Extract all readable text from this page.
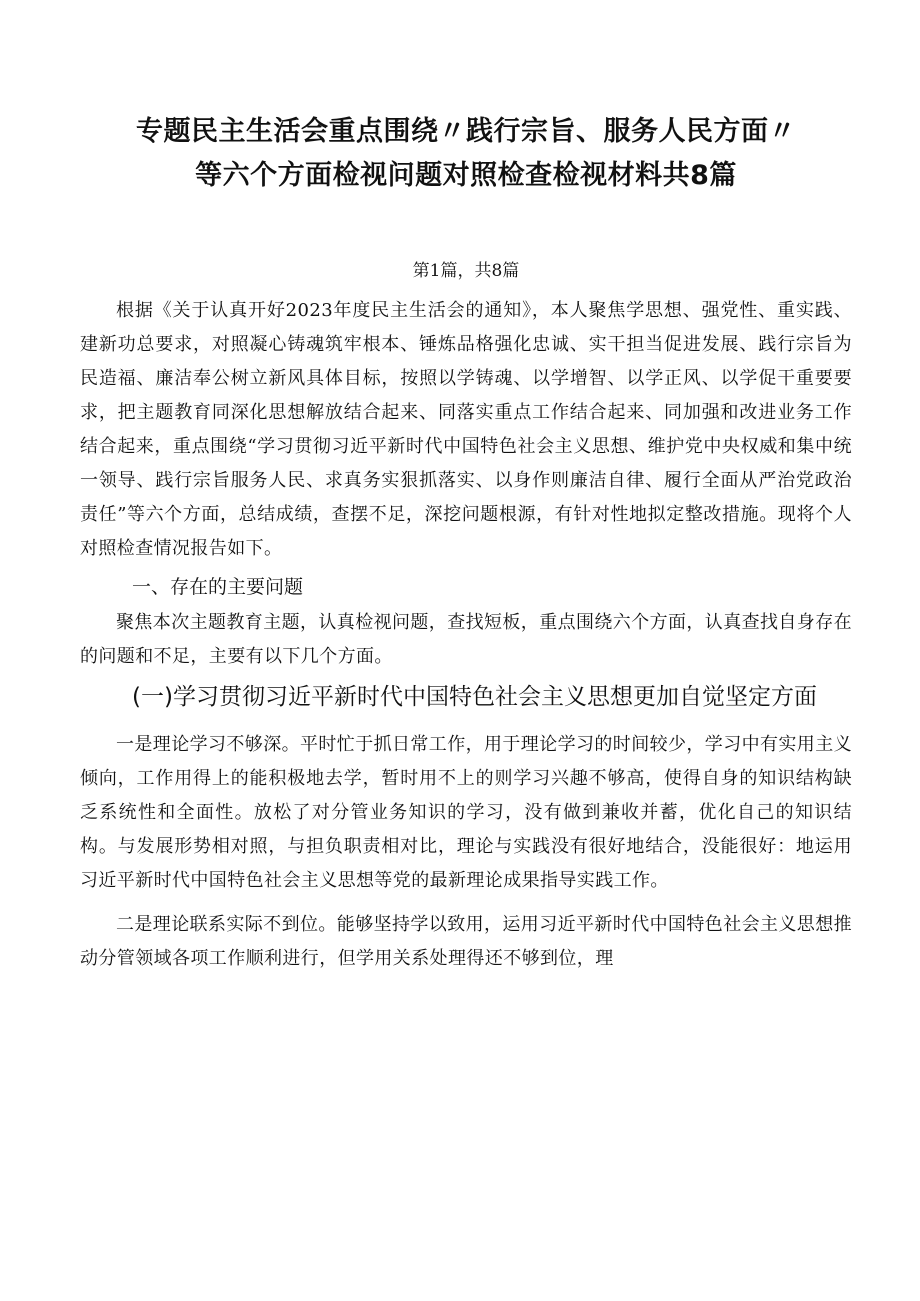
专题民主生活会重点围绕〃践行宗旨、服务人民方面〃
等六个方面检视问题对照检查检视材料共8篇
第1篇，共8篇

根据《关于认真开好2023年度民主生活会的通知》，本人聚焦学思想、强党性、重实践、建新功总要求，对照凝心铸魂筑牢根本、锤炼品格强化忠诚、实干担当促进发展、践行宗旨为民造福、廉洁奉公树立新风具体目标，按照以学铸魂、以学增智、以学正风、以学促干重要要求，把主题教育同深化思想解放结合起来、同落实重点工作结合起来、同加强和改进业务工作结合起来，重点围绕“学习贯彻习近平新时代中国特色社会主义思想、维护党中央权威和集中统一领导、践行宗旨服务人民、求真务实狠抓落实、以身作则廉洁自律、履行全面从严治党政治责任”等六个方面，总结成绩，查摆不足，深挖问题根源，有针对性地拟定整改措施。现将个人对照检查情况报告如下。

一、存在的主要问题

聚焦本次主题教育主题，认真检视问题，查找短板，重点围绕六个方面，认真查找自身存在的问题和不足，主要有以下几个方面。

(一)学习贯彻习近平新时代中国特色社会主义思想更加自觉坚定方面

一是理论学习不够深。平时忙于抓日常工作，用于理论学习的时间较少，学习中有实用主义倾向，工作用得上的能积极地去学，暂时用不上的则学习兴趣不够高，使得自身的知识结构缺乏系统性和全面性。放松了对分管业务知识的学习，没有做到兼收并蓄，优化自己的知识结构。与发展形势相对照，与担负职责相对比，理论与实践没有很好地结合，没能很好：地运用习近平新时代中国特色社会主义思想等党的最新理论成果指导实践工作。

二是理论联系实际不到位。能够坚持学以致用，运用习近平新时代中国特色社会主义思想推动分管领域各项工作顺利进行，但学用关系处理得还不够到位，理
